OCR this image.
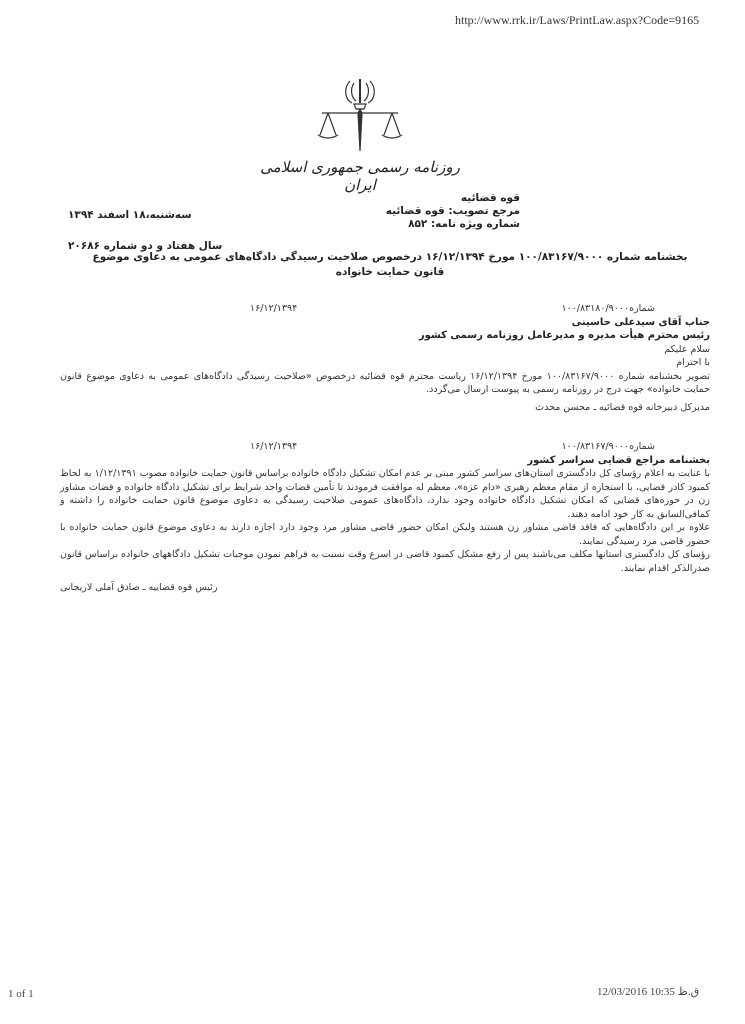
http://www.rrk.ir/Laws/PrintLaw.aspx?Code=9165
روزنامه رسمی جمهوری اسلامی ایران
قوه قضائیه
مرجع تصویب: قوه قضائیه
شماره ویژه نامه: ۸۵۲
سه‌شنبه،۱۸ اسفند ۱۳۹۴
سال هفتاد و دو شماره ۲۰۶۸۶
بخشنامه شماره ۱۰۰/۸۳۱۶۷/۹۰۰۰ مورخ ۱۶/۱۲/۱۳۹۴ درخصوص صلاحیت رسیدگی دادگاه‌های عمومی به دعاوی موضوع
قانون حمایت خانواده
شماره۱۰۰/۸۳۱۸۰/۹۰۰۰
۱۶/۱۲/۱۳۹۴
جناب آقای سیدعلی حاسینی
رئیس محترم هیأت مدیره و مدیرعامل روزنامه رسمی کشور
سلام علیکم
با احترام
تصویر بخشنامه شماره ۱۰۰/۸۳۱۶۷/۹۰۰۰ مورخ ۱۶/۱۲/۱۳۹۴ ریاست محترم قوه قضائیه درخصوص «صلاحیت رسیدگی دادگاه‌های عمومی به دعاوی موضوع قانون حمایت خانواده» جهت درج در روزنامه رسمی به پیوست ارسال می‌گردد.
مدیرکل دبیرخانه قوه قضائیه ـ محسن محدث
شماره۱۰۰/۸۳۱۶۷/۹۰۰۰
۱۶/۱۲/۱۳۹۴
بخشنامه مراجع قضایی سراسر کشور
با عنایت به اعلام رؤسای کل دادگستری استان‌های سراسر کشور مبنی بر عدم امکان تشکیل دادگاه خانواده براساس قانون حمایت خانواده مصوب ۱/۱۲/۱۳۹۱ به لحاظ کمبود کادر قضایی، با استجازه از مقام معظم رهبری «دام عزه»، معظم له موافقت فرمودند تا تأمین قضات واجد شرایط برای تشکیل دادگاه خانواده و قضات مشاور زن در حوزه‌های قضایی که امکان تشکیل دادگاه خانواده وجود ندارد، دادگاه‌های عمومی صلاحیت رسیدگی به دعاوی موضوع قانون حمایت خانواده را داشته و کمافی‌السابق به کار خود ادامه دهند.
علاوه بر این دادگاه‌هایی که فاقد قاضی مشاور زن هستند ولیکن امکان حضور قاضی مشاور مرد وجود دارد اجازه دارند به دعاوی موضوع قانون حمایت خانواده با حضور قاضی مرد رسیدگی نمایند.
رؤسای کل دادگستری استانها مکلف می‌باشند پس از رفع مشکل کمبود قاضی در اسرع وقت نسبت به فراهم نمودن موجبات تشکیل دادگاههای خانواده براساس قانون صدرالذکر اقدام نمایند.
رئیس قوه قضاییه ـ صادق آملی لاریجانی
1 of 1	12/03/2016 10:35 ق.ظ
